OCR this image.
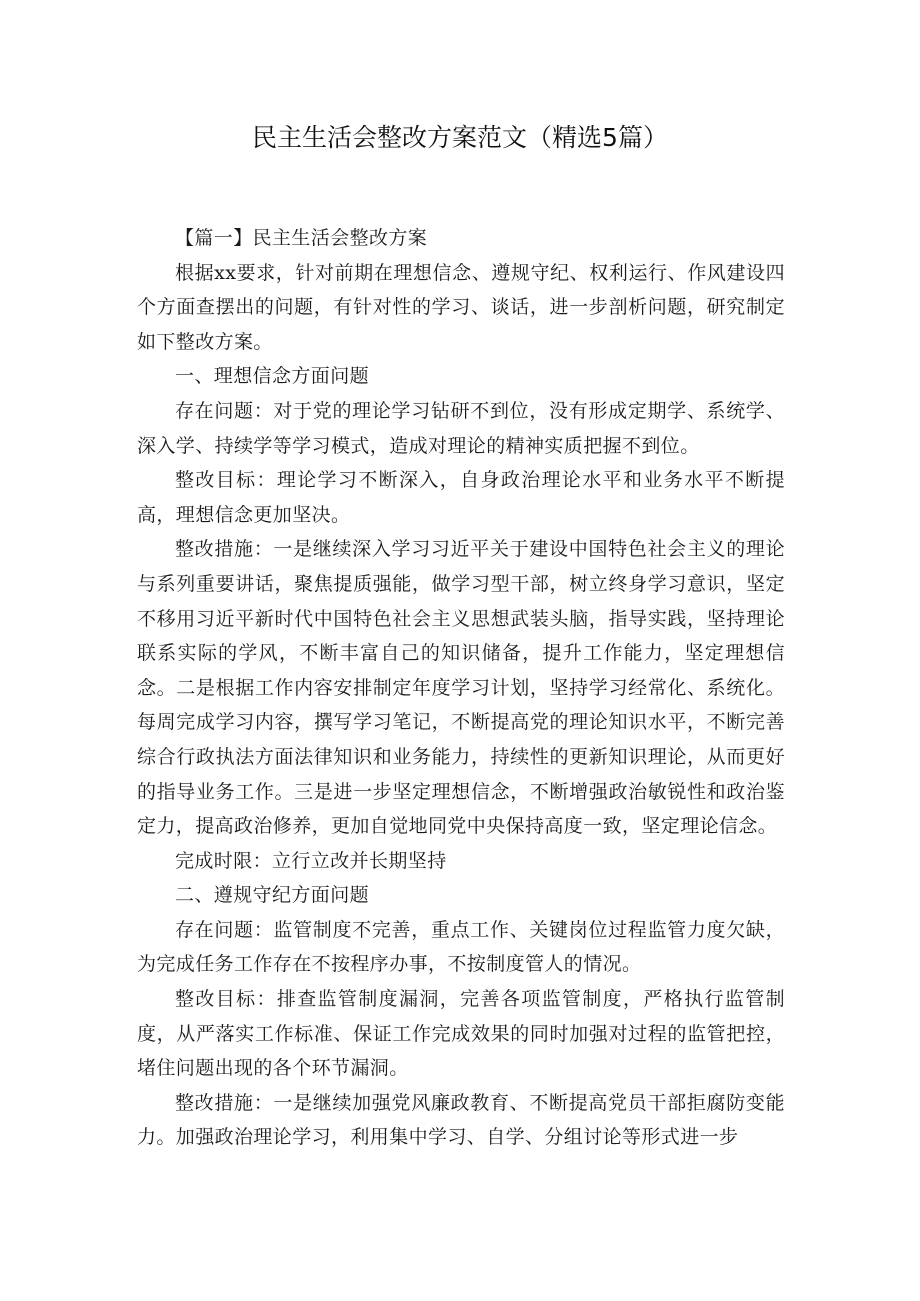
民主生活会整改方案范文（精选5篇）

【篇一】民主生活会整改方案

根据xx要求，针对前期在理想信念、遵规守纪、权利运行、作风建设四个方面查摆出的问题，有针对性的学习、谈话，进一步剖析问题，研究制定如下整改方案。

一、理想信念方面问题

存在问题：对于党的理论学习钻研不到位，没有形成定期学、系统学、深入学、持续学等学习模式，造成对理论的精神实质把握不到位。

整改目标：理论学习不断深入，自身政治理论水平和业务水平不断提高，理想信念更加坚决。

整改措施：一是继续深入学习习近平关于建设中国特色社会主义的理论与系列重要讲话，聚焦提质强能，做学习型干部，树立终身学习意识，坚定不移用习近平新时代中国特色社会主义思想武装头脑，指导实践，坚持理论联系实际的学风，不断丰富自己的知识储备，提升工作能力，坚定理想信念。二是根据工作内容安排制定年度学习计划，坚持学习经常化、系统化。每周完成学习内容，撰写学习笔记，不断提高党的理论知识水平，不断完善综合行政执法方面法律知识和业务能力，持续性的更新知识理论，从而更好的指导业务工作。三是进一步坚定理想信念，不断增强政治敏锐性和政治鉴定力，提高政治修养，更加自觉地同党中央保持高度一致，坚定理论信念。

完成时限：立行立改并长期坚持

二、遵规守纪方面问题

存在问题：监管制度不完善，重点工作、关键岗位过程监管力度欠缺，为完成任务工作存在不按程序办事，不按制度管人的情况。

整改目标：排查监管制度漏洞，完善各项监管制度，严格执行监管制度，从严落实工作标准、保证工作完成效果的同时加强对过程的监管把控，堵住问题出现的各个环节漏洞。

整改措施：一是继续加强党风廉政教育、不断提高党员干部拒腐防变能力。加强政治理论学习，利用集中学习、自学、分组讨论等形式进一步
